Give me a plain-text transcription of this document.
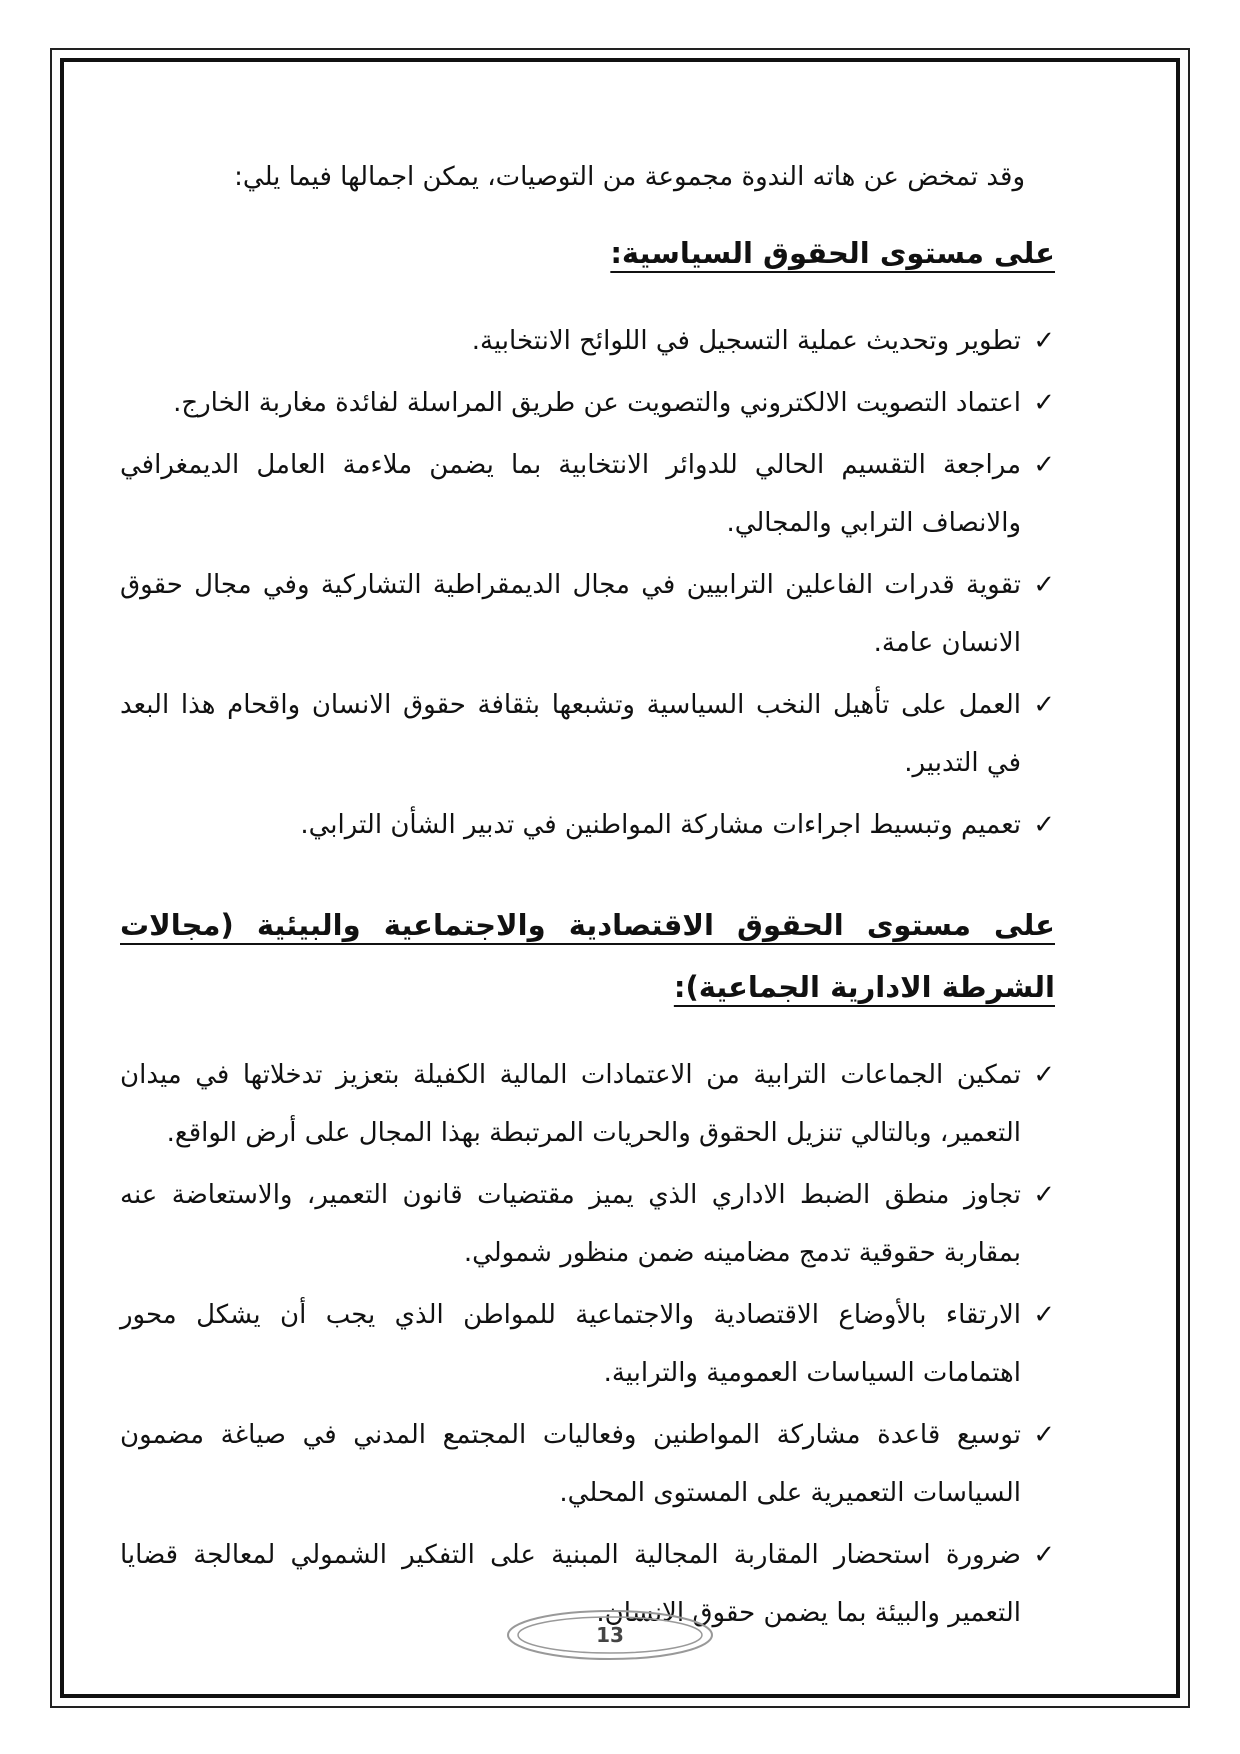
وقد تمخض عن هاته الندوة مجموعة من التوصيات، يمكن اجمالها فيما يلي:

على مستوى الحقوق السياسية:
✓
تطوير وتحديث عملية التسجيل في اللوائح الانتخابية.
✓
اعتماد التصويت الالكتروني والتصويت عن طريق المراسلة لفائدة مغاربة الخارج.
✓
مراجعة التقسيم الحالي للدوائر الانتخابية بما يضمن ملاءمة العامل الديمغرافي والانصاف الترابي والمجالي.
✓
تقوية قدرات الفاعلين الترابيين في مجال الديمقراطية التشاركية وفي مجال حقوق الانسان عامة.
✓
العمل على تأهيل النخب السياسية وتشبعها بثقافة حقوق الانسان واقحام هذا البعد في التدبير.
✓
تعميم وتبسيط اجراءات مشاركة المواطنين في تدبير الشأن الترابي.
على مستوى الحقوق الاقتصادية والاجتماعية والبيئية (مجالات الشرطة الادارية الجماعية):
✓
تمكين الجماعات الترابية من الاعتمادات المالية الكفيلة بتعزيز تدخلاتها في ميدان التعمير، وبالتالي تنزيل الحقوق والحريات المرتبطة بهذا المجال على أرض الواقع.
✓
تجاوز منطق الضبط الاداري الذي يميز مقتضيات قانون التعمير، والاستعاضة عنه بمقاربة حقوقية تدمج مضامينه ضمن منظور شمولي.
✓
الارتقاء بالأوضاع الاقتصادية والاجتماعية للمواطن الذي يجب أن يشكل محور اهتمامات السياسات العمومية والترابية.
✓
توسيع قاعدة مشاركة المواطنين وفعاليات المجتمع المدني في صياغة مضمون السياسات التعميرية على المستوى المحلي.
✓
ضرورة استحضار المقاربة المجالية المبنية على التفكير الشمولي لمعالجة قضايا التعمير والبيئة بما يضمن حقوق الانسان.
13
